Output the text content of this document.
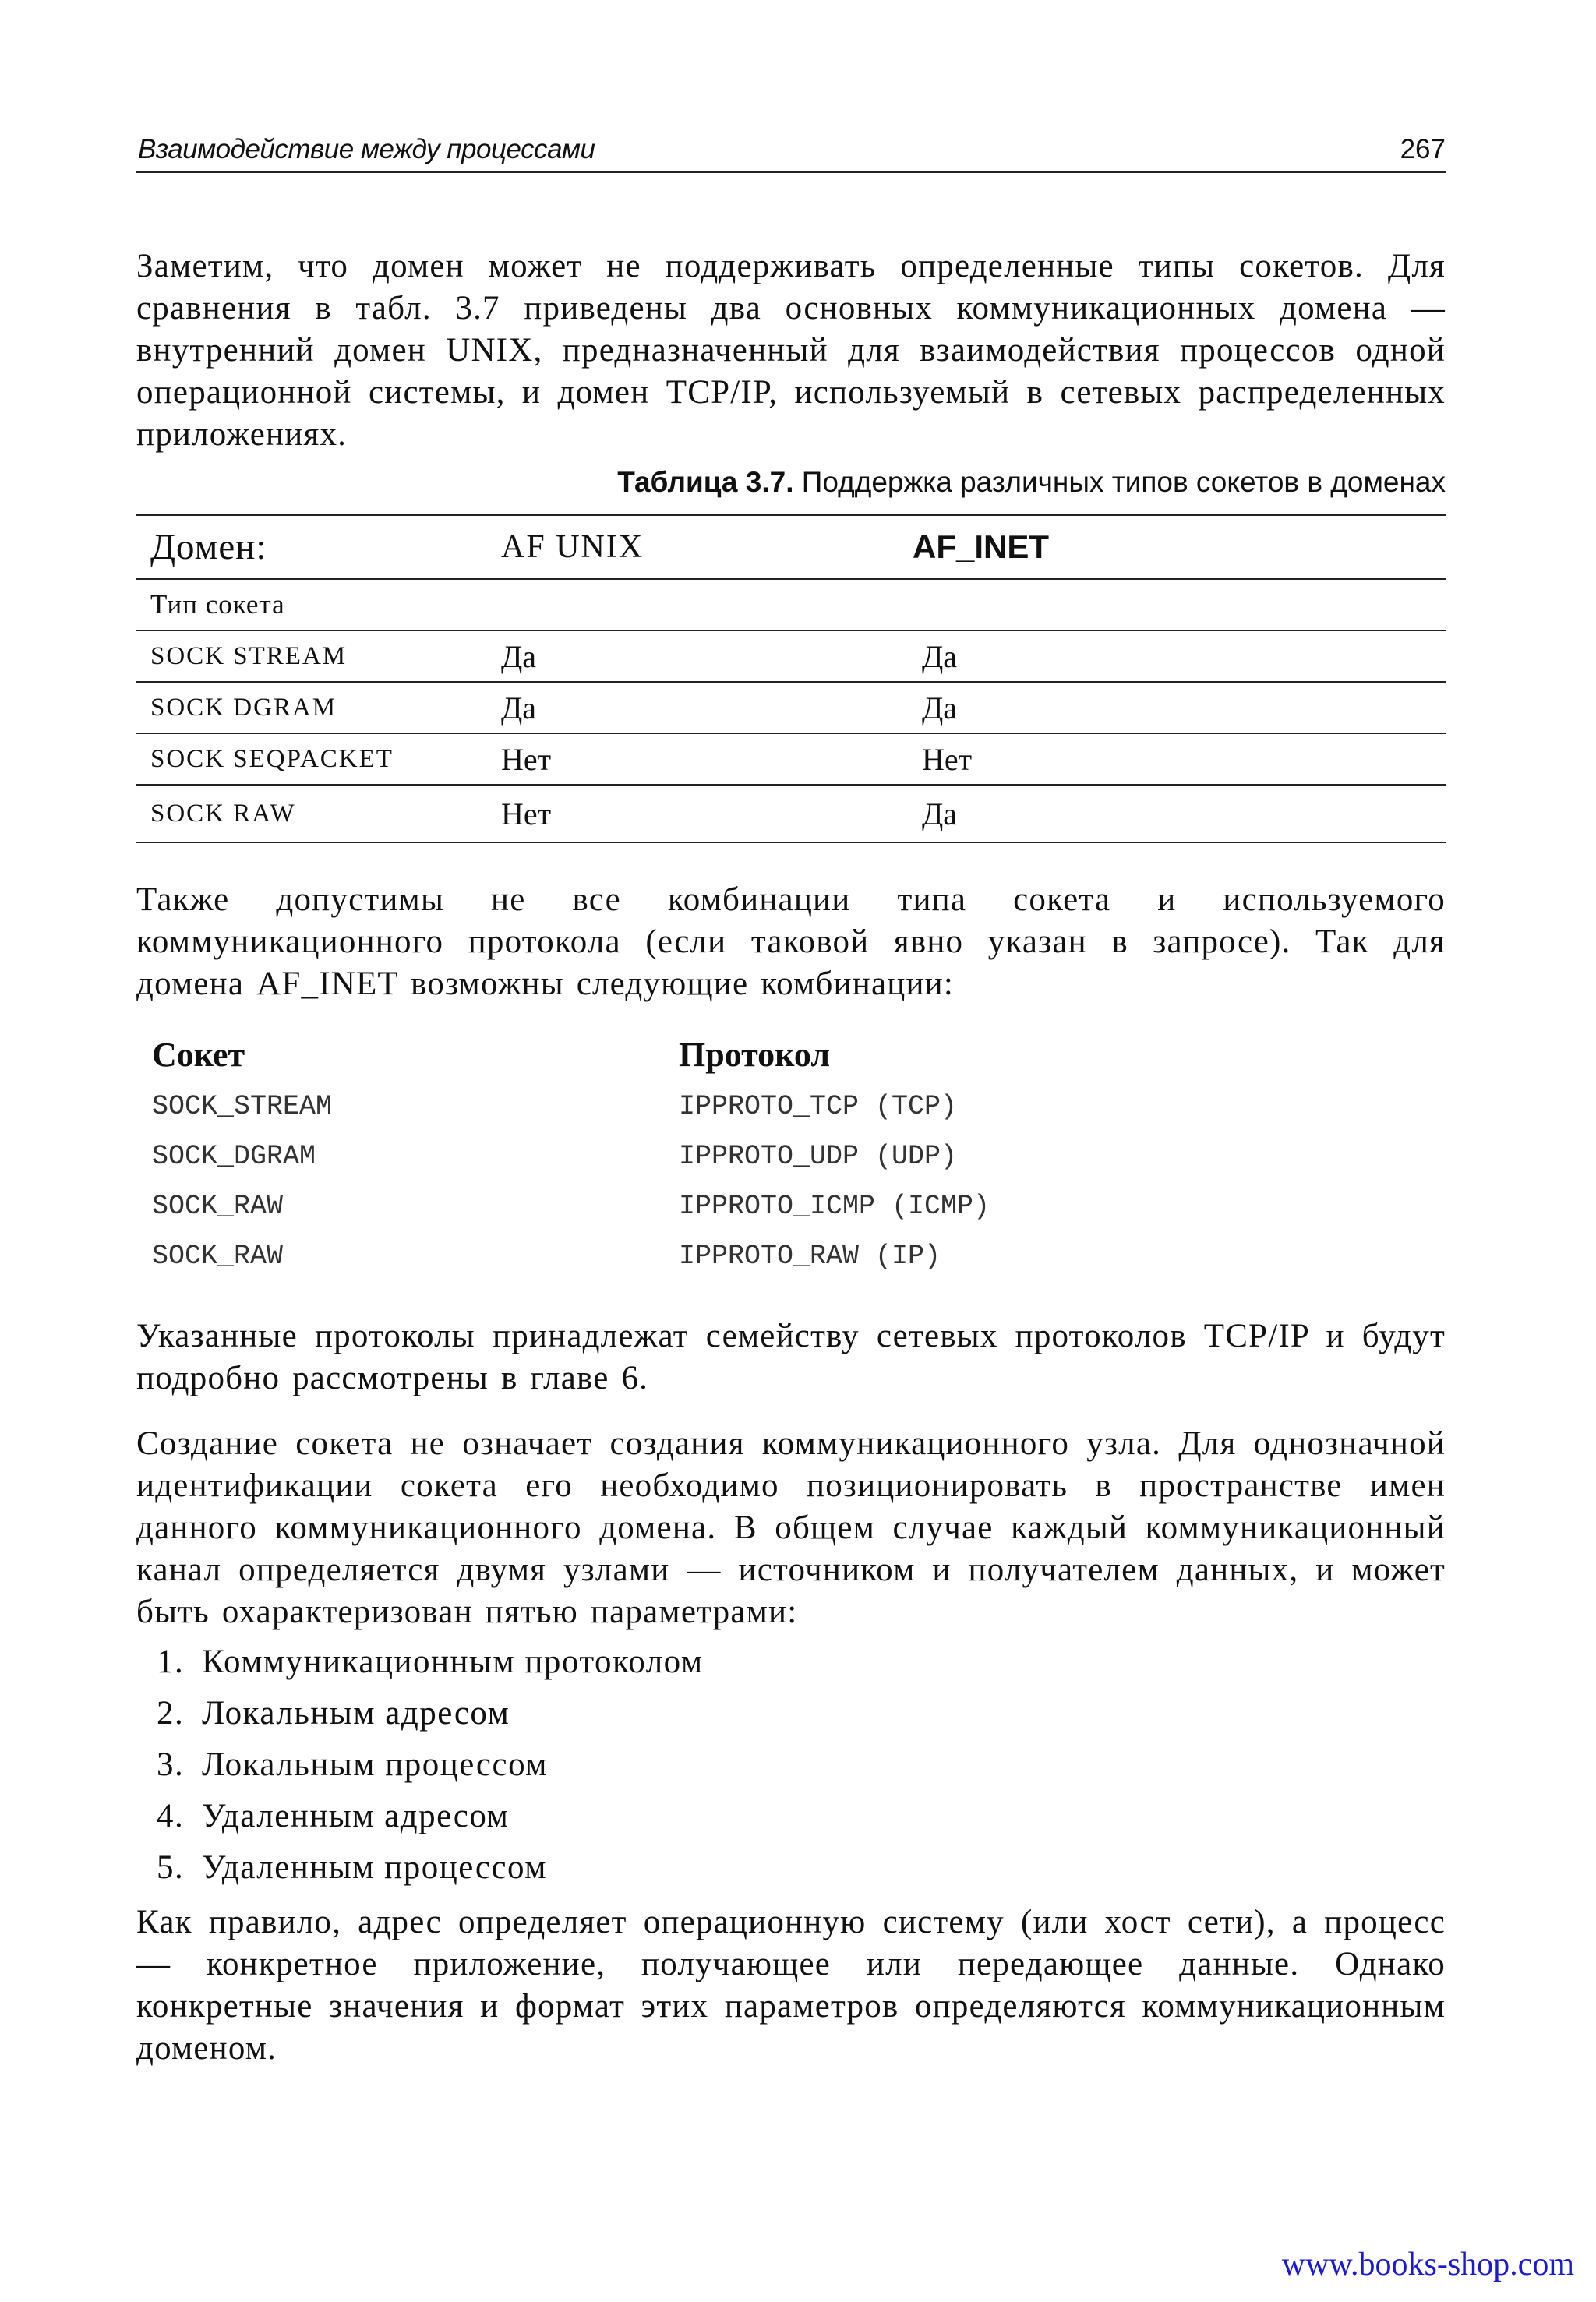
Взаимодействие между процессами	267

Заметим, что домен может не поддерживать определенные типы сокетов. Для сравнения в табл. 3.7 приведены два основных коммуникационных домена — внутренний домен UNIX, предназначенный для взаимодействия процессов одной операционной системы, и домен TCP/IP, используемый в сетевых распределенных приложениях.

Таблица 3.7. Поддержка различных типов сокетов в доменах
Домен:	AF UNIX	AF_INET
Тип сокета		
SOCK STREAM	Да	Да
SOCK DGRAM	Да	Да
SOCK SEQPACKET	Нет	Нет
SOCK RAW	Нет	Да

Также допустимы не все комбинации типа сокета и используемого коммуникационного протокола (если таковой явно указан в запросе). Так для домена AF_INET возможны следующие комбинации:

Сокет	Протокол
SOCK_STREAM	IPPROTO_TCP (TCP)
SOCK_DGRAM	IPPROTO_UDP (UDP)
SOCK_RAW	IPPROTO_ICMP (ICMP)
SOCK_RAW	IPPROTO_RAW (IP)

Указанные протоколы принадлежат семейству сетевых протоколов TCP/IP и будут подробно рассмотрены в главе 6.

Создание сокета не означает создания коммуникационного узла. Для однозначной идентификации сокета его необходимо позиционировать в пространстве имен данного коммуникационного домена. В общем случае каждый коммуникационный канал определяется двумя узлами — источником и получателем данных, и может быть охарактеризован пятью параметрами:

1. Коммуникационным протоколом
2. Локальным адресом
3. Локальным процессом
4. Удаленным адресом
5. Удаленным процессом

Как правило, адрес определяет операционную систему (или хост сети), а процесс — конкретное приложение, получающее или передающее данные. Однако конкретные значения и формат этих параметров определяются коммуникационным доменом.

www.books-shop.com
